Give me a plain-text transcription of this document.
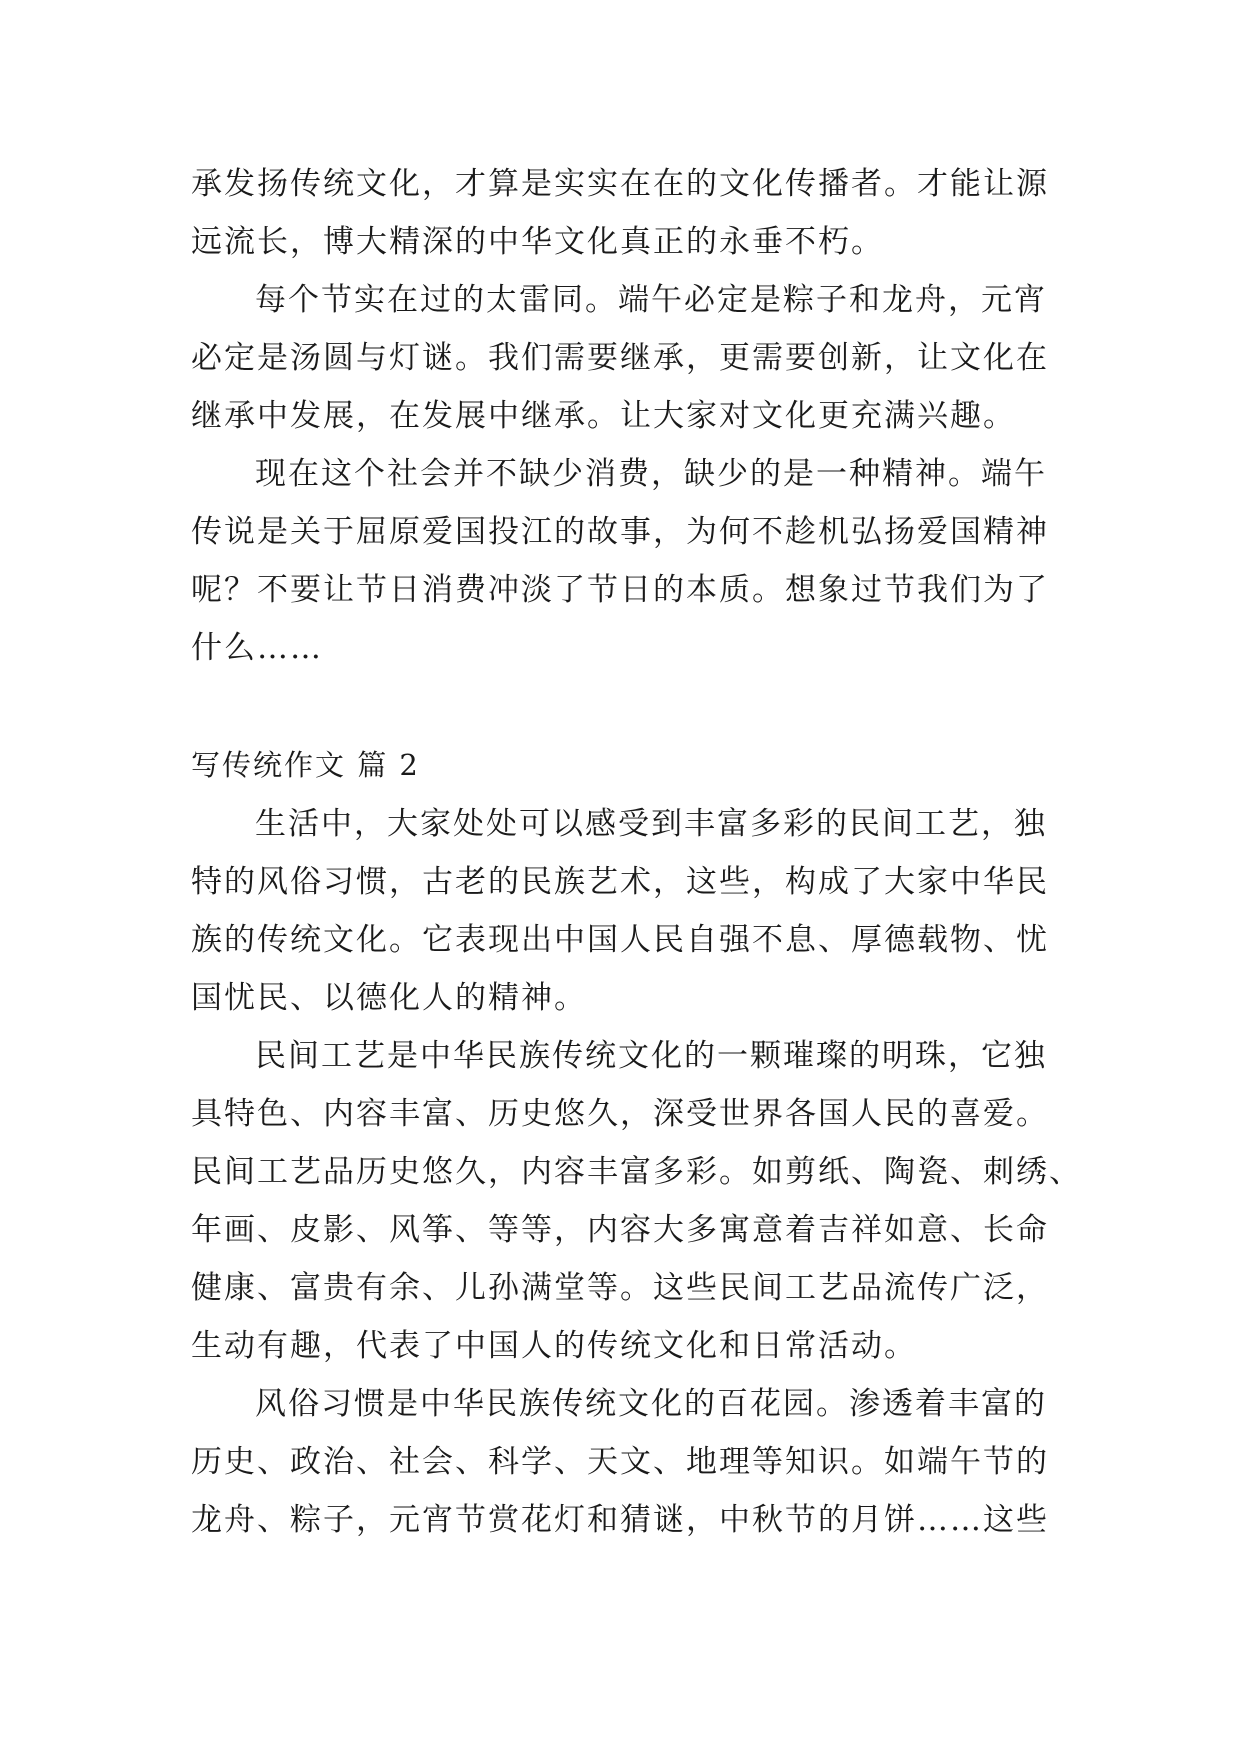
承发扬传统文化，才算是实实在在的文化传播者。才能让源
远流长，博大精深的中华文化真正的永垂不朽。
每个节实在过的太雷同。端午必定是粽子和龙舟，元宵
必定是汤圆与灯谜。我们需要继承，更需要创新，让文化在
继承中发展，在发展中继承。让大家对文化更充满兴趣。
现在这个社会并不缺少消费，缺少的是一种精神。端午
传说是关于屈原爱国投江的故事，为何不趁机弘扬爱国精神
呢？不要让节日消费冲淡了节日的本质。想象过节我们为了
什么……
写传统作文 篇 2
生活中，大家处处可以感受到丰富多彩的民间工艺，独
特的风俗习惯，古老的民族艺术，这些，构成了大家中华民
族的传统文化。它表现出中国人民自强不息、厚德载物、忧
国忧民、以德化人的精神。
民间工艺是中华民族传统文化的一颗璀璨的明珠，它独
具特色、内容丰富、历史悠久，深受世界各国人民的喜爱。
民间工艺品历史悠久，内容丰富多彩。如剪纸、陶瓷、刺绣、
年画、皮影、风筝、等等，内容大多寓意着吉祥如意、长命
健康、富贵有余、儿孙满堂等。这些民间工艺品流传广泛，
生动有趣，代表了中国人的传统文化和日常活动。
风俗习惯是中华民族传统文化的百花园。渗透着丰富的
历史、政治、社会、科学、天文、地理等知识。如端午节的
龙舟、粽子，元宵节赏花灯和猜谜，中秋节的月饼……这些
